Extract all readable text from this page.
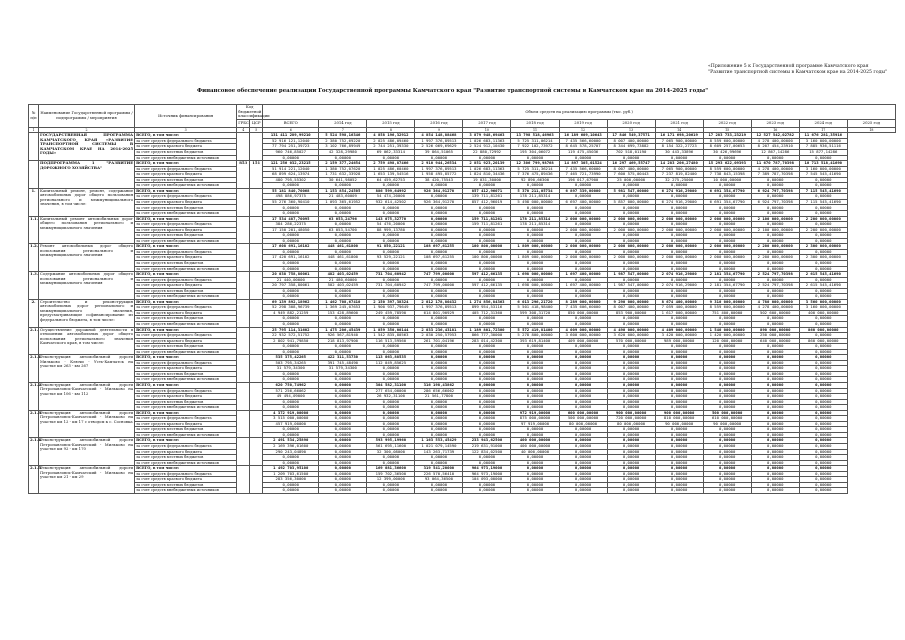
«Приложение 5 к Государственной программе Камчатского края "Развитие транспортной системы в Камчатском крае на 2014-2025 годы"
Финансовое обеспечение реализации Государственной программы Камчатского края "Развитие транспортной системы в Камчатском крае на 2014-2025 годы"
№ п/п	Наименование Государственной программы / подпрограммы / мероприятия	Источник финансирования	Код бюджетной классификации		Объем средств на реализацию программы (тыс. руб.)												
			ГРБС	ЦСР	ВСЕГО	2014 год	2015 год	2016 год	2017 год	2018 год	2019 год	2020 год	2021 год	2022 год	2023 год	2024 год	2025 год
1	2	3	4	5	6	7	8	9	10	11	12	13	14	15	16	17	18
	ГОСУДАРСТВЕННАЯ ПРОГРАММА КАМЧАТСКОГО КРАЯ «РАЗВИТИЕ ТРАНСПОРТНОЙ СИСТЕМЫ В КАМЧАТСКОМ КРАЕ НА 2014-2025 ГОДЫ»	ВСЕГО, в том числе:			131 411 289,99210	5 524 598,16346	4 858 196,32912	4 854 148,88468	3 879 948,69463	13 798 518,46963	16 189 609,10643	17 846 549,37571	16 171 698,20619	17 283 733,23219	12 527 542,02782	11 676 281,35916	
		за счет средств федерального бюджета			52 916 121,12040	2 380 752,69220	2 025 486,09460	1 997 376,89513	1 026 683,11363	5 725 311,06214	7 435 566,60000	8 007 400,00000	7 065 900,00000	8 559 600,00000	4 278 400,00000	3 160 000,00000	
		за счет средств краевого бюджета			77 794 251,39723	3 102 766,89949	2 744 251,39330	2 526 069,69629	2 524 912,10430	7 922 102,73972	8 645 578,25707	8 344 699,73882	8 154 322,27723	8 609 257,00653	8 207 454,23910	7 885 936,51116	
		за счет средств местных бюджетов			960 746,85027	42 328,29980	69 062,33314	39 864,51065	22 880,72992	195 304,06072	119 475,45036	702 518,01190	30 443,33896	30 426,99696	12 867,14286	15 877,14286	
		за счет средств внебюджетных источников			0,00000	0,00000	0,00000	0,00000	0,00000	0,00000	0,00000	0,00000	0,00000	0,00000	0,00000	0,00000	
	ПОДПРОГРАММА 1 "РАЗВИТИЕ ДОРОЖНОГО ХОЗЯЙСТВА"	ВСЕГО, в том числе:	853	151	121 256 032,23215	2 159 377,24654	2 759 498,87466	2 910 944,26534	2 851 923,20139	12 306 799,98768	14 897 305,01524	16 297 469,55747	14 283 206,27480	15 293 622,09393	11 670 787,70398	10 713 518,41690	
		за счет средств федерального бюджета			51 914 221,12040	1 380 752,07620	1 025 486,60460	1 997 376,89513	1 026 683,11363	5 725 311,36214	7 435 566,60000	8 007 400,00000	7 065 900,00000	8 559 600,00000	4 278 400,00000	3 160 000,00000	
		за счет средств краевого бюджета			68 899 624,13974	1 731 632,33928	1 653 139,54516	1 958 495,85772	1 824 810,34436	7 376 475,89436	7 465 721,73990	7 600 575,00443	7 237 819,82400	7 738 843,15398	7 389 787,70398	7 545 545,41690	
		за счет средств местных бюджетов			480 795,55302	30 641,98052	64 459,62753	38 420,75543	19 031,30000	92 890,66300	196 017,67900	25 000,00000	32 275,25000	10 000,00000	0,00000	0,00000	
		за счет средств внебюджетных источников			0,00000	0,00000	0,00000	0,00000	0,00000	0,00000	0,00000	0,00000	0,00000	0,00000	0,00000	0,00000	
1.	Капитальный ремонт, ремонт, содержание автомобильных дорог общего пользования регионального и межмуниципального значения, в том числе:	ВСЕГО, в том числе:			55 181 840,70068	1 153 854,24505	886 599,64992	926 364,91270	857 412,96071	5 370 211,05734	6 897 339,00000	5 981 547,00000	6 274 916,29000	6 691 354,67790	6 924 797,70398	7 115 545,41690	
		за счет средств федерального бюджета			498 886,97375	21 483,60009	54 474,20000	0,00000	139 711,81261	178 211,85314	0,00000	0,00000	0,00000	0,00000	0,00000	0,00000	
		за счет средств краевого бюджета			55 276 360,90410	1 093 365,61952	932 614,42502	926 364,91270	857 412,96019	5 498 000,00000	6 697 400,00000	5 857 000,00000	6 274 916,29000	6 691 354,67790	6 924 797,70398	7 115 545,41690	
		за счет средств местных бюджетов			0,00000	0,00000	0,00000	0,00000	0,00000	0,00000	0,00000	0,00000	0,00000	0,00000	0,00000	0,00000	
		за счет средств внебюджетных источников			0,00000	0,00000	0,00000	0,00000	0,00000	0,00000	0,00000	0,00000	0,00000	0,00000	0,00000	0,00000	
1.1.	Капитальный ремонт автомобильных дорог общего пользования регионального и межмуниципального значения	ВСЕГО, в том числе:			17 534 487,70095	63 053,24796	143 075,32770	0,00000	159 711,81261	178 211,85314	2 000 000,00000	2 000 000,00000	2 000 000,00000	2 000 000,00000	2 100 000,00000	2 200 000,00000	
		за счет средств федерального бюджета			384 286,22375	0,00000	54 476,20000	0,00000	159 711,81261	178 211,85314	0,00000	0,00000	0,00000	0,00000	0,00000	0,00000	
		за счет средств краевого бюджета			17 150 201,48050	63 053,54700	88 999,13780	0,00000	0,00000	0,00000	2 000 000,00000	2 000 000,00000	2 000 000,00000	2 000 000,00000	2 100 000,00000	2 200 000,00000	
		за счет средств местных бюджетов			0,00000	0,00000	0,00000	0,00000	0,00000	0,00000	0,00000	0,00000	0,00000	0,00000	0,00000	0,00000	
		за счет средств внебюджетных источников			0,00000	0,00000	0,00000	0,00000	0,00000	0,00000	0,00000	0,00000	0,00000	0,00000	0,00000	0,00000	
1.2.	Ремонт автомобильных дорог общего пользования регионального и межмуниципального значения	ВСЕГО, в том числе:			17 608 691,16102	448 461,61800	91 850,22121	108 697,61255	100 800,00000	1 809 000,00000	2 000 000,00000	2 000 000,00000	2 000 000,00000	2 000 000,00000	2 200 000,00000	2 300 000,00000	
		за счет средств федерального бюджета			0,00000	0,00000	0,00000	0,00000	0,00000	0,00000	0,00000	0,00000	0,00000	0,00000	0,00000	0,00000	
		за счет средств краевого бюджета			17 420 691,16102	448 461,61800	93 529,22121	108 697,61255	100 800,00000	1 809 000,00000	2 000 000,00000	2 000 000,00000	2 000 000,00000	2 000 000,00000	2 200 000,00000	2 300 000,00000	
		за счет средств местных бюджетов			0,00000	0,00000	0,00000	0,00000	0,00000	0,00000	0,00000	0,00000	0,00000	0,00000	0,00000	0,00000	
		за счет средств внебюджетных источников			0,00000	0,00000	0,00000	0,00000	0,00000	0,00000	0,00000	0,00000	0,00000	0,00000	0,00000	0,00000	
1.3.	Содержание автомобильных дорог общего пользования регионального и межмуниципального значения	ВСЕГО, в том числе:			20 038 758,80061	482 403,02459	731 704,60942	747 799,00000	597 412,66135	1 698 000,00000	1 697 400,00000	1 987 547,00000	2 074 916,29000	2 181 354,67790	2 524 797,70398	2 615 545,41690	
		за счет средств федерального бюджета			21 440,00000	21 480,60000	0,00000	0,00000	0,00000	0,00000	0,00000	0,00000	0,00000	0,00000	0,00000	0,00000	
		за счет средств краевого бюджета			20 797 358,80061	502 403,02459	731 704,60942	747 799,00000	597 412,66135	1 698 000,00000	1 697 400,00000	1 987 547,00000	2 074 916,29000	2 181 354,67790	2 524 797,70398	2 615 545,41690	
		за счет средств местных бюджетов			0,00000	0,00000	0,00000	0,00000	0,00000	0,00000	0,00000	0,00000	0,00000	0,00000	0,00000	0,00000	
		за счет средств внебюджетных источников			0,00000	0,00000	0,00000	0,00000	0,00000	0,00000	0,00000	0,00000	0,00000	0,00000	0,00000	0,00000	
2.	Строительство и реконструкция автомобильных дорог регионального и межмуниципального значения, предусматривающие софинансирование из федерального бюджета, в том числе:	ВСЕГО, в том числе:			69 139 892,18962	1 462 708,67410	2 150 397,38324	2 012 178,80432	1 274 856,84363	6 013 296,21720	8 289 000,00000	9 290 000,00000	8 674 400,00000	9 310 000,00000	4 780 000,00000	3 560 000,00000	
		за счет средств федерального бюджета			52 298 308,96739	1 369 245,07653	1 900 937,79649	1 997 376,89513	899 954,53116	5 501 418,98400	7 435 606,60000	8 007 400,00000	7 059 400,00000	8 559 600,00000	4 278 400,00000	3 160 000,00000	
		за счет средств краевого бюджета			4 949 882,21259	153 428,89600	249 459,78590	614 801,90929	405 712,31360	599 308,31720	850 000,00000	853 900,00000	1 617 000,00000	751 400,00000	502 600,00000	400 000,00000	
		за счет средств местных бюджетов			0,00000	0,00000	0,00000	0,00000	0,00000	0,00000	0,00000	0,00000	0,00000	0,00000	0,00000	0,00000	
		за счет средств внебюджетных источников			0,00000	0,00000	0,00000	0,00000	0,00000	0,00000	0,00000	0,00000	0,00000	0,00000	0,00000	0,00000	
2.1.	Осуществление дорожной деятельности в отношении автомобильных дорог общего пользования регионального значения Камчатского края, в том числе:	ВСЕГО, в том числе:			25 795 114,31602	1 475 206,45439	1 859 350,00144	2 033 236,43181	1 189 801,72300	5 572 419,81400	4 009 000,00000	4 490 000,00000	4 409 000,00000	1 540 000,00000	890 000,00000	860 000,00000	
		за счет средств федерального бюджета			22 932 572,51752	926 567,81940	1 542 835,80563	2 030 250,57953	866 777,30000	5 278 800,00000	3 600 000,00000	3 620 000,00000	3 420 000,00000	1 420 000,00000	250 000,00000	0,00000	
		за счет средств краевого бюджета			2 802 941,79850	218 813,97900	116 513,59560	261 701,04196	283 014,42300	393 619,81400	409 000,00000	570 000,00000	989 000,00000	120 000,00000	640 000,00000	860 000,00000	
		за счет средств местных бюджетов			0,00000	0,00000	0,00000	0,00000	0,00000	0,00000	0,00000	0,00000	0,00000	0,00000	0,00000	0,00000	
		за счет средств внебюджетных источников			0,00000	0,00000	0,00000	0,00000	0,00000	0,00000	0,00000	0,00000	0,00000	0,00000	0,00000	0,00000	
2.1.1.	Реконструкция автомобильной дороги Мильково - Ключи - Усть-Камчатск на участке км 263 - км 267	ВСЕГО, в том числе:			535 375,42265	422 311,53730	113 063,88535	0,00000	0,00000	0,00000	0,00000	0,00000	0,00000	0,00000	0,00000	0,00000	
		за счет средств федерального бюджета			503 795,34265	391 745,48490	112 049,85625	0,00000	0,00000	0,00000	0,00000	0,00000	0,00000	0,00000	0,00000	0,00000	
		за счет средств краевого бюджета			31 579,34300	31 579,34300	0,00000	0,00000	0,00000	0,00000	0,00000	0,00000	0,00000	0,00000	0,00000	0,00000	
		за счет средств местных бюджетов			0,00000	0,00000	0,00000	0,00000	0,00000	0,00000	0,00000	0,00000	0,00000	0,00000	0,00000	0,00000	
		за счет средств внебюджетных источников			0,00000	0,00000	0,00000	0,00000	0,00000	0,00000	0,00000	0,00000	0,00000	0,00000	0,00000	0,00000	
2.1.2.	Реконструкция автомобильной дороги Петропавловск-Камчатский - Мильково на участке км 106 - км 112	ВСЕГО, в том числе:			620 750,74962	0,00000	304 582,31100	316 198,43862	0,00000	0,00000	0,00000	0,00000	0,00000	0,00000	0,00000	0,00000	
		за счет средств федерального бюджета			571 256,66062	0,00000	277 654,00000	286 656,66062	0,00000	0,00000	0,00000	0,00000	0,00000	0,00000	0,00000	0,00000	
		за счет средств краевого бюджета			49 494,09000	0,00000	26 932,31100	21 561,77800	0,00000	0,00000	0,00000	0,00000	0,00000	0,00000	0,00000	0,00000	
		за счет средств местных бюджетов			0,00000	0,00000	0,00000	0,00000	0,00000	0,00000	0,00000	0,00000	0,00000	0,00000	0,00000	0,00000	
		за счет средств внебюджетных источников			0,00000	0,00000	0,00000	0,00000	0,00000	0,00000	0,00000	0,00000	0,00000	0,00000	0,00000	0,00000	
2.1.3.	Реконструкция автомобильной дороги Петропавловск-Камчатский - Мильково на участке км 12 - км 17 с отводом к с. Сосновка	ВСЕГО, в том числе:			4 372 919,00000	0,00000	0,00000	0,00000	0,00000	972 919,00000	600 000,00000	900 000,00000	900 000,00000	500 000,00000	0,00000	0,00000	
		за счет средств федерального бюджета			3 515 000,00000	0,00000	0,00000	0,00000	0,00000	875 000,00000	500 000,00000	720 000,00000	810 000,00000	610 000,00000	0,00000	0,00000	
		за счет средств краевого бюджета			457 919,00000	0,00000	0,00000	0,00000	0,00000	97 919,00000	80 000,00000	80 000,00000	90 000,00000	90 000,00000	0,00000	0,00000	
		за счет средств местных бюджетов			0,00000	0,00000	0,00000	0,00000	0,00000	0,00000	0,00000	0,00000	0,00000	0,00000	0,00000	0,00000	
		за счет средств внебюджетных источников			0,00000	0,00000	0,00000	0,00000	0,00000	0,00000	0,00000	0,00000	0,00000	0,00000	0,00000	0,00000	
2.1.4.	Реконструкция автомобильной дороги Петропавловск-Камчатский - Мильково на участке км 92 - км 170	ВСЕГО, в том числе:			2 491 534,25890	0,00000	593 995,19960	1 163 553,45429	233 943,62500	400 000,00000	0,00000	0,00000	0,00000	0,00000	0,00000	0,00000	
		за счет средств федерального бюджета			2 169 396,01600	0,00000	561 695,11600	1 021 079,14590	219 631,91000	400 000,00000	0,00000	0,00000	0,00000	0,00000	0,00000	0,00000	
		за счет средств краевого бюджета			290 243,04890	0,00000	32 300,08000	143 263,71739	122 834,02500	40 000,00000	0,00000	0,00000	0,00000	0,00000	0,00000	0,00000	
		за счет средств местных бюджетов			0,00000	0,00000	0,00000	0,00000	0,00000	0,00000	0,00000	0,00000	0,00000	0,00000	0,00000	0,00000	
		за счет средств внебюджетных источников			0,00000	0,00000	0,00000	0,00000	0,00000	0,00000	0,00000	0,00000	0,00000	0,00000	0,00000	0,00000	
2.1.5.	Реконструкция автомобильной дороги Петропавловск-Камчатский - Мильково на участке км 21 - км 29	ВСЕГО, в том числе:			1 492 703,95100	0,00000	169 081,36600	319 541,20000	964 973,19000	0,00000	0,00000	0,00000	0,00000	0,00000	0,00000	0,00000	
		за счет средств федерального бюджета			1 209 703,61500	0,00000	159 702,36500	226 570,56410	964 973,19000	0,00000	0,00000	0,00000	0,00000	0,00000	0,00000	0,00000	
		за счет средств краевого бюджета			283 356,30000	0,00000	12 399,00000	93 064,36500	104 093,00000	0,00000	0,00000	0,00000	0,00000	0,00000	0,00000	0,00000	
		за счет средств местных бюджетов			0,00000	0,00000	0,00000	0,00000	0,00000	0,00000	0,00000	0,00000	0,00000	0,00000	0,00000	0,00000	
		за счет средств внебюджетных источников			0,00000	0,00000	0,00000	0,00000	0,00000	0,00000	0,00000	0,00000	0,00000	0,00000	0,00000	0,00000	
